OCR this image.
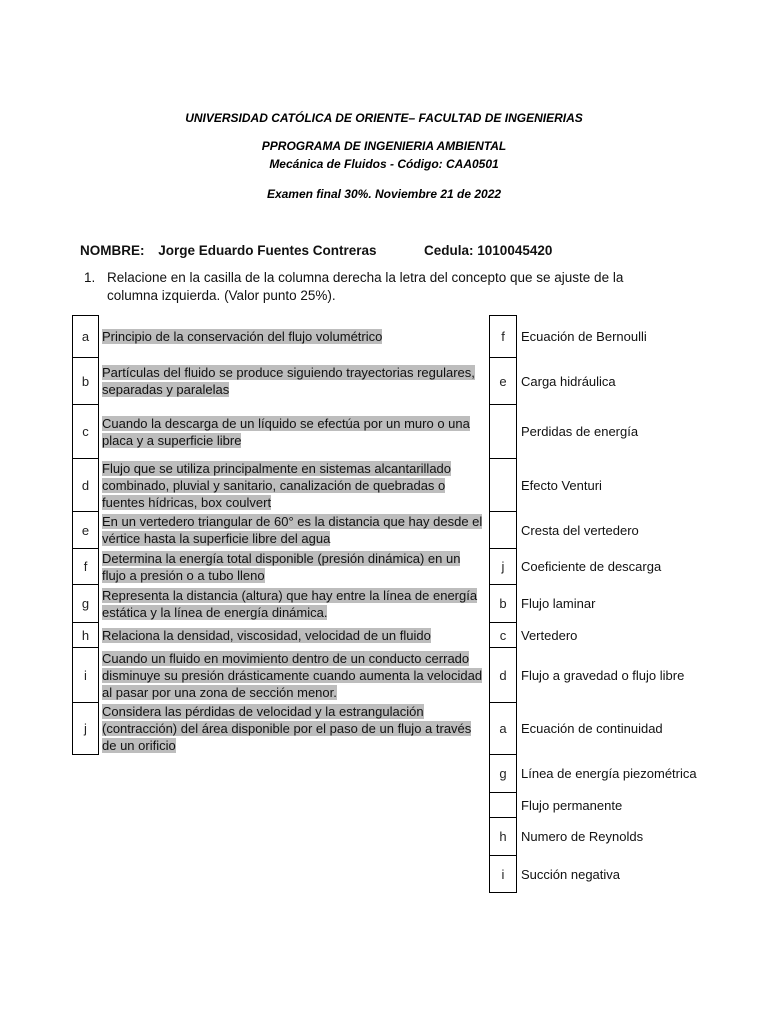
UNIVERSIDAD CATÓLICA DE ORIENTE– FACULTAD DE INGENIERIAS
PPROGRAMA DE INGENIERIA AMBIENTAL
Mecánica de Fluidos - Código: CAA0501
Examen final 30%. Noviembre 21 de 2022
NOMBRE: Jorge Eduardo Fuentes Contreras	Cedula: 1010045420
1. Relacione en la casilla de la columna derecha la letra del concepto que se ajuste de la columna izquierda. (Valor punto 25%).
a	Principio de la conservación del flujo volumétrico
b	Partículas del fluido se produce siguiendo trayectorias regulares, separadas y paralelas
c	Cuando la descarga de un líquido se efectúa por un muro o una placa y a superficie libre
d	Flujo que se utiliza principalmente en sistemas alcantarillado combinado, pluvial y sanitario, canalización de quebradas o fuentes hídricas, box coulvert
e	En un vertedero triangular de 60° es la distancia que hay desde el vértice hasta la superficie libre del agua
f	Determina la energía total disponible (presión dinámica) en un flujo a presión o a tubo lleno
g	Representa la distancia (altura) que hay entre la línea de energía estática y la línea de energía dinámica.
h	Relaciona la densidad, viscosidad, velocidad de un fluido
i	Cuando un fluido en movimiento dentro de un conducto cerrado disminuye su presión drásticamente cuando aumenta la velocidad al pasar por una zona de sección menor.
j	Considera las pérdidas de velocidad y la estrangulación (contracción) del área disponible por el paso de un flujo a través de un orificio
f	Ecuación de Bernoulli
e	Carga hidráulica
	Perdidas de energía
	Efecto Venturi
	Cresta del vertedero
j	Coeficiente de descarga
b	Flujo laminar
c	Vertedero
d	Flujo a gravedad o flujo libre
a	Ecuación de continuidad
g	Línea de energía piezométrica
	Flujo permanente
h	Numero de Reynolds
i	Succión negativa
